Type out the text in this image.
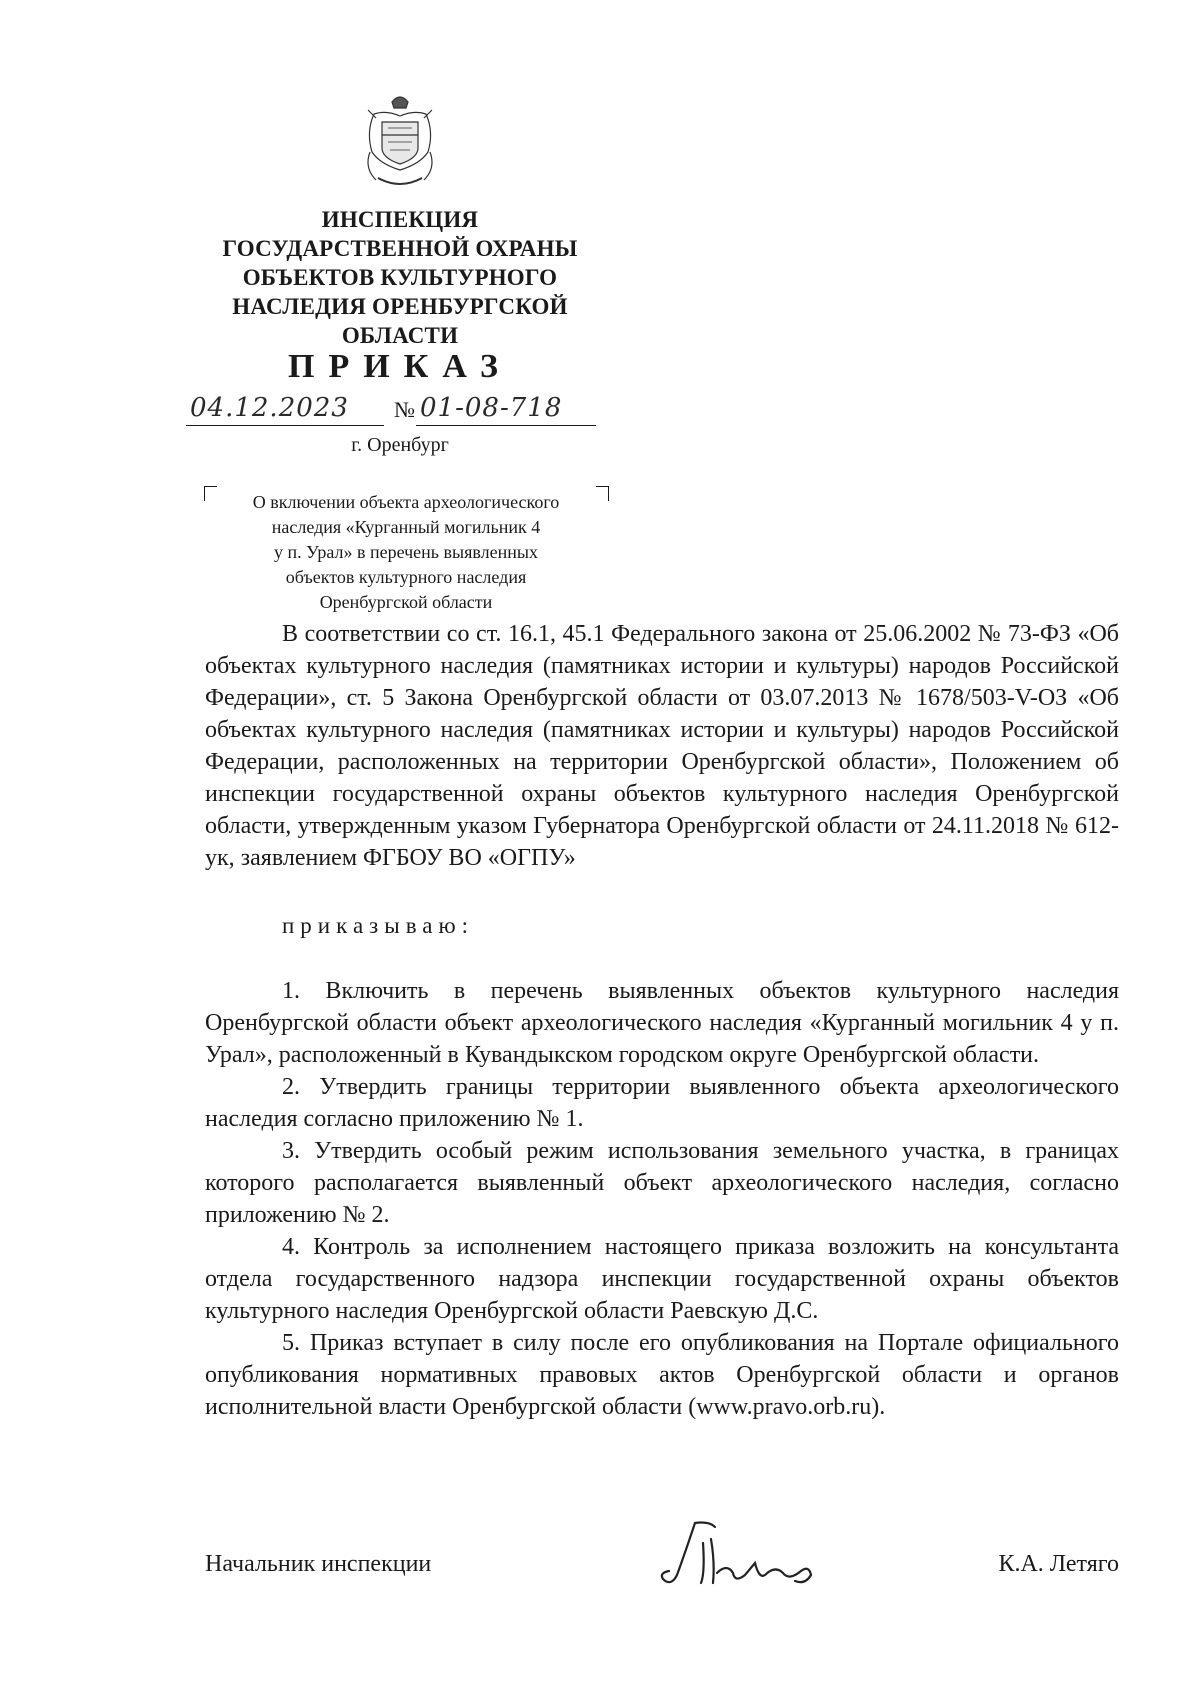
ИНСПЕКЦИЯ
ГОСУДАРСТВЕННОЙ ОХРАНЫ
ОБЪЕКТОВ КУЛЬТУРНОГО
НАСЛЕДИЯ ОРЕНБУРГСКОЙ
ОБЛАСТИ
ПРИКАЗ
04.12.2023 № 01-08-718
г. Оренбург
О включении объекта археологического
наследия «Курганный могильник 4
у п. Урал» в перечень выявленных
объектов культурного наследия
Оренбургской области
В соответствии со ст. 16.1, 45.1 Федерального закона от 25.06.2002 № 73-ФЗ «Об объектах культурного наследия (памятниках истории и культуры) народов Российской Федерации», ст. 5 Закона Оренбургской области от 03.07.2013 № 1678/503-V-ОЗ «Об объектах культурного наследия (памятниках истории и культуры) народов Российской Федерации, расположенных на территории Оренбургской области», Положением об инспекции государственной охраны объектов культурного наследия Оренбургской области, утвержденным указом Губернатора Оренбургской области от 24.11.2018 № 612-ук, заявлением ФГБОУ ВО «ОГПУ»
приказываю:

1. Включить в перечень выявленных объектов культурного наследия Оренбургской области объект археологического наследия «Курганный могильник 4 у п. Урал», расположенный в Кувандыкском городском округе Оренбургской области.

2. Утвердить границы территории выявленного объекта археологического наследия согласно приложению № 1.

3. Утвердить особый режим использования земельного участка, в границах которого располагается выявленный объект археологического наследия, согласно приложению № 2.

4. Контроль за исполнением настоящего приказа возложить на консультанта отдела государственного надзора инспекции государственной охраны объектов культурного наследия Оренбургской области Раевскую Д.С.

5. Приказ вступает в силу после его опубликования на Портале официального опубликования нормативных правовых актов Оренбургской области и органов исполнительной власти Оренбургской области (www.pravo.orb.ru).

Начальник инспекции	К.А. Летяго
